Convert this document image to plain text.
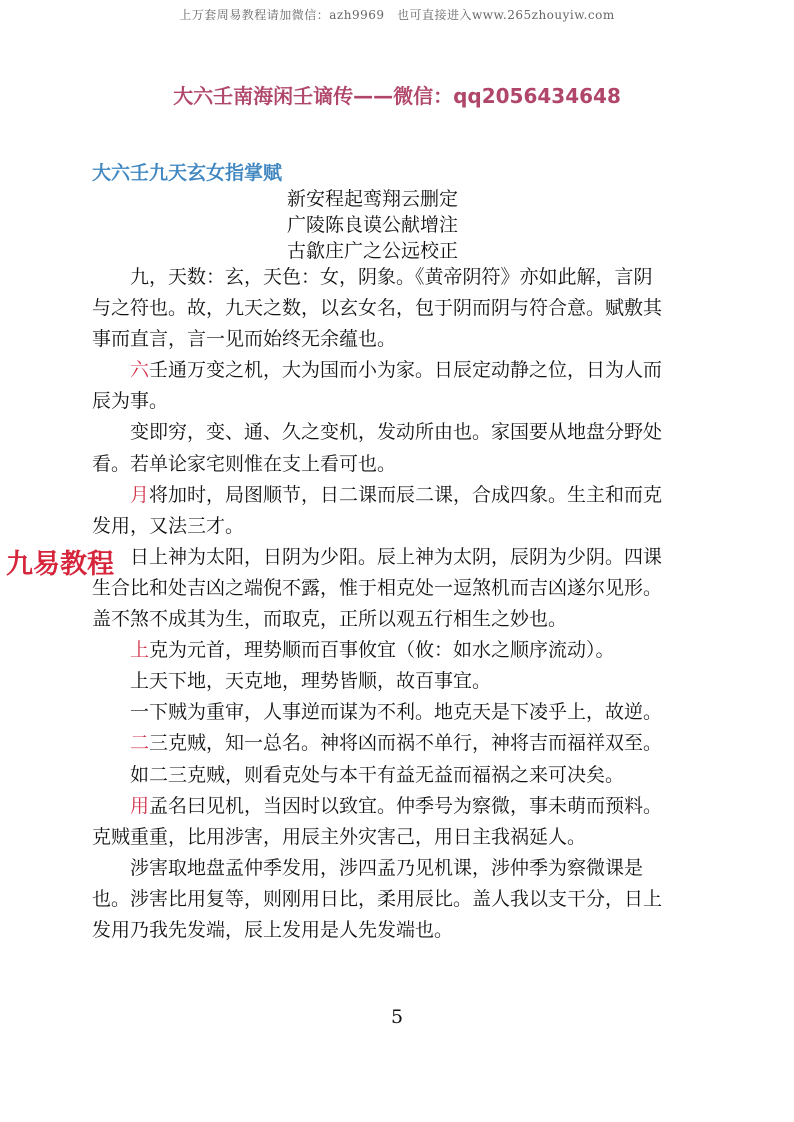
上万套周易教程请加微信：azh9969　也可直接进入www.265zhouyiw.com
大六壬南海闲壬谪传——微信：qq2056434648
大六壬九天玄女指掌赋
新安程起鸾翔云删定
广陵陈良谟公献增注
古歙庄广之公远校正

九，天数：玄，天色：女，阴象。《黄帝阴符》亦如此解，言阴与之符也。故，九天之数，以玄女名，包于阴而阴与符合意。赋敷其事而直言，言一见而始终无余蕴也。

六壬通万变之机，大为国而小为家。日辰定动静之位，日为人而辰为事。

变即穷，变、通、久之变机，发动所由也。家国要从地盘分野处看。若单论家宅则惟在支上看可也。

月将加时，局图顺节，日二课而辰二课，合成四象。生主和而克发用，又法三才。

日上神为太阳，日阴为少阳。辰上神为太阴，辰阴为少阴。四课生合比和处吉凶之端倪不露，惟于相克处一逗煞机而吉凶遂尔见形。盖不煞不成其为生，而取克，正所以观五行相生之妙也。

上克为元首，理势顺而百事攸宜（攸：如水之顺序流动）。

上天下地，天克地，理势皆顺，故百事宜。

一下贼为重审，人事逆而谋为不利。地克天是下凌乎上，故逆。

二三克贼，知一总名。神将凶而祸不单行，神将吉而福祥双至。

如二三克贼，则看克处与本干有益无益而福祸之来可决矣。

用孟名曰见机，当因时以致宜。仲季号为察微，事未萌而预料。克贼重重，比用涉害，用辰主外灾害己，用日主我祸延人。

涉害取地盘孟仲季发用，涉四孟乃见机课，涉仲季为察微课是也。涉害比用复等，则刚用日比，柔用辰比。盖人我以支干分，日上发用乃我先发端，辰上发用是人先发端也。

九易教程
5
